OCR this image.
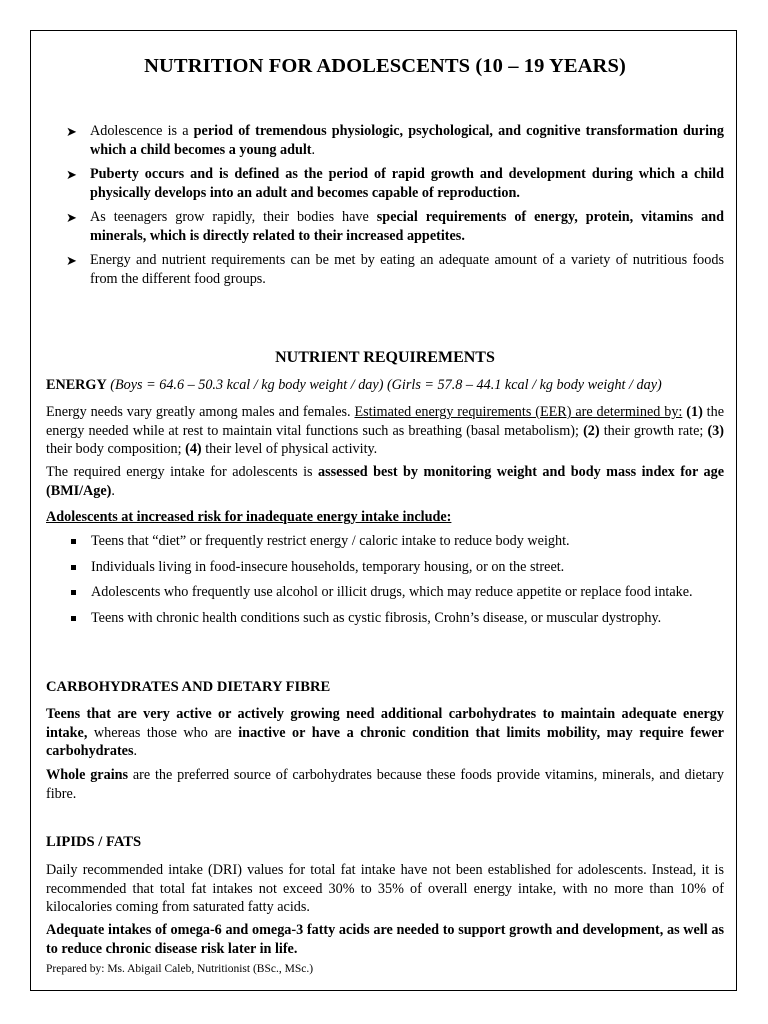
NUTRITION FOR ADOLESCENTS (10 – 19 YEARS)
➤ Adolescence is a period of tremendous physiologic, psychological, and cognitive transformation during which a child becomes a young adult.
➤ Puberty occurs and is defined as the period of rapid growth and development during which a child physically develops into an adult and becomes capable of reproduction.
➤ As teenagers grow rapidly, their bodies have special requirements of energy, protein, vitamins and minerals, which is directly related to their increased appetites.
➤ Energy and nutrient requirements can be met by eating an adequate amount of a variety of nutritious foods from the different food groups.
NUTRIENT REQUIREMENTS
ENERGY (Boys = 64.6 – 50.3 kcal / kg body weight / day) (Girls = 57.8 – 44.1 kcal / kg body weight / day)
Energy needs vary greatly among males and females. Estimated energy requirements (EER) are determined by: (1) the energy needed while at rest to maintain vital functions such as breathing (basal metabolism); (2) their growth rate; (3) their body composition; (4) their level of physical activity.
The required energy intake for adolescents is assessed best by monitoring weight and body mass index for age (BMI/Age).
Adolescents at increased risk for inadequate energy intake include:
Teens that “diet” or frequently restrict energy / caloric intake to reduce body weight.
Individuals living in food-insecure households, temporary housing, or on the street.
Adolescents who frequently use alcohol or illicit drugs, which may reduce appetite or replace food intake.
Teens with chronic health conditions such as cystic fibrosis, Crohn’s disease, or muscular dystrophy.
CARBOHYDRATES AND DIETARY FIBRE
Teens that are very active or actively growing need additional carbohydrates to maintain adequate energy intake, whereas those who are inactive or have a chronic condition that limits mobility, may require fewer carbohydrates.
Whole grains are the preferred source of carbohydrates because these foods provide vitamins, minerals, and dietary fibre.
LIPIDS / FATS
Daily recommended intake (DRI) values for total fat intake have not been established for adolescents. Instead, it is recommended that total fat intakes not exceed 30% to 35% of overall energy intake, with no more than 10% of kilocalories coming from saturated fatty acids.
Adequate intakes of omega-6 and omega-3 fatty acids are needed to support growth and development, as well as to reduce chronic disease risk later in life.
Prepared by: Ms. Abigail Caleb, Nutritionist (BSc., MSc.)
